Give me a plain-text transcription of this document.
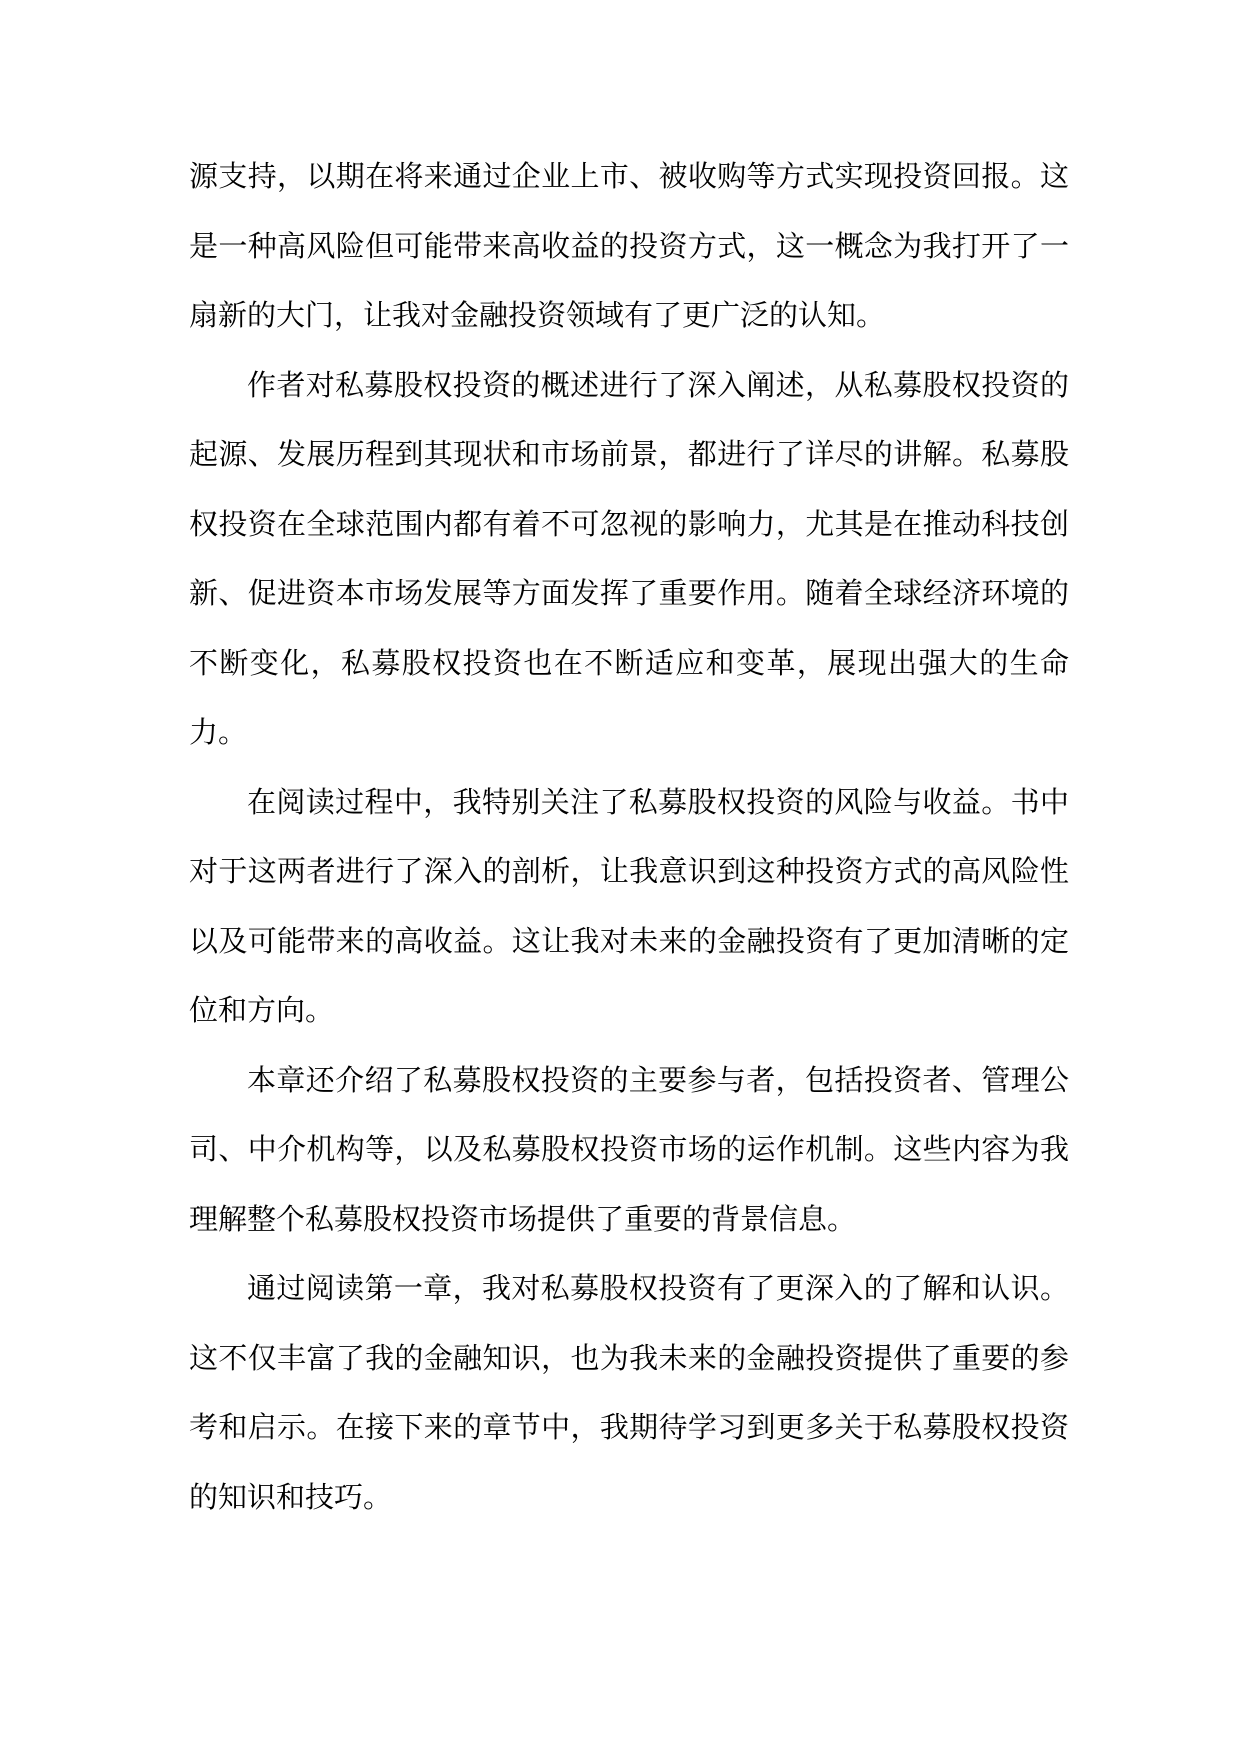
源支持，以期在将来通过企业上市、被收购等方式实现投资回报。这是一种高风险但可能带来高收益的投资方式，这一概念为我打开了一扇新的大门，让我对金融投资领域有了更广泛的认知。

作者对私募股权投资的概述进行了深入阐述，从私募股权投资的起源、发展历程到其现状和市场前景，都进行了详尽的讲解。私募股权投资在全球范围内都有着不可忽视的影响力，尤其是在推动科技创新、促进资本市场发展等方面发挥了重要作用。随着全球经济环境的不断变化，私募股权投资也在不断适应和变革，展现出强大的生命力。

在阅读过程中，我特别关注了私募股权投资的风险与收益。书中对于这两者进行了深入的剖析，让我意识到这种投资方式的高风险性以及可能带来的高收益。这让我对未来的金融投资有了更加清晰的定位和方向。

本章还介绍了私募股权投资的主要参与者，包括投资者、管理公司、中介机构等，以及私募股权投资市场的运作机制。这些内容为我理解整个私募股权投资市场提供了重要的背景信息。

通过阅读第一章，我对私募股权投资有了更深入的了解和认识。这不仅丰富了我的金融知识，也为我未来的金融投资提供了重要的参考和启示。在接下来的章节中，我期待学习到更多关于私募股权投资的知识和技巧。
